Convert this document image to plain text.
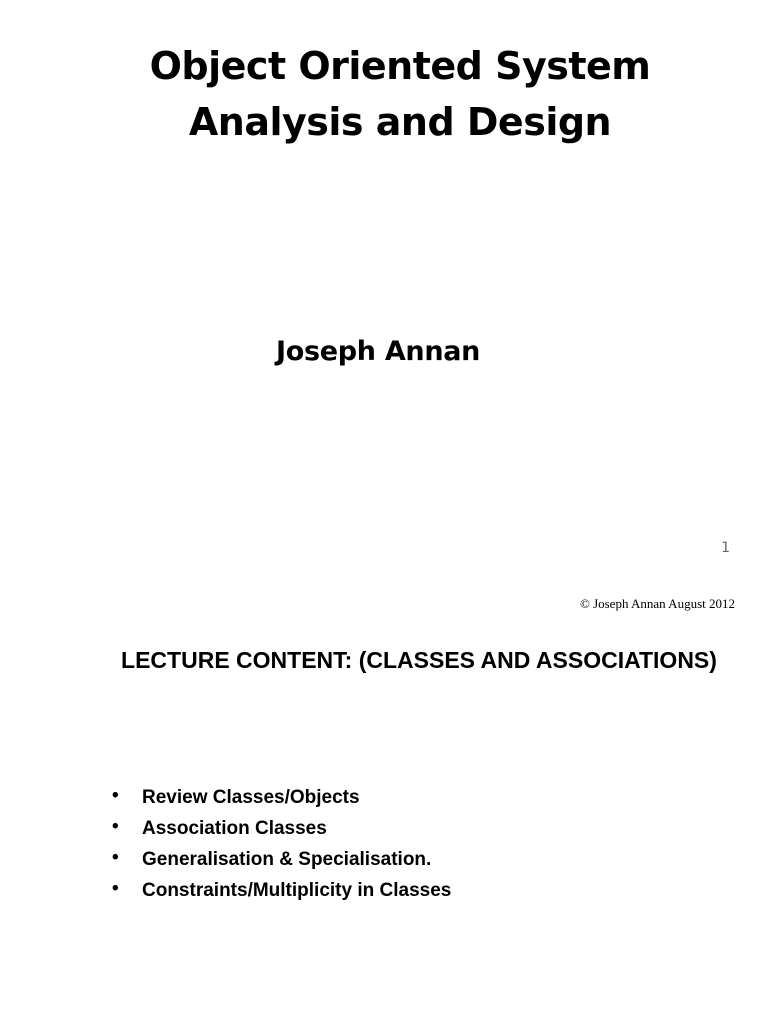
Object Oriented System Analysis and Design

Joseph Annan

1
© Joseph Annan August 2012
LECTURE CONTENT: (CLASSES AND ASSOCIATIONS)
• Review Classes/Objects
• Association Classes
• Generalisation & Specialisation.
• Constraints/Multiplicity in Classes
